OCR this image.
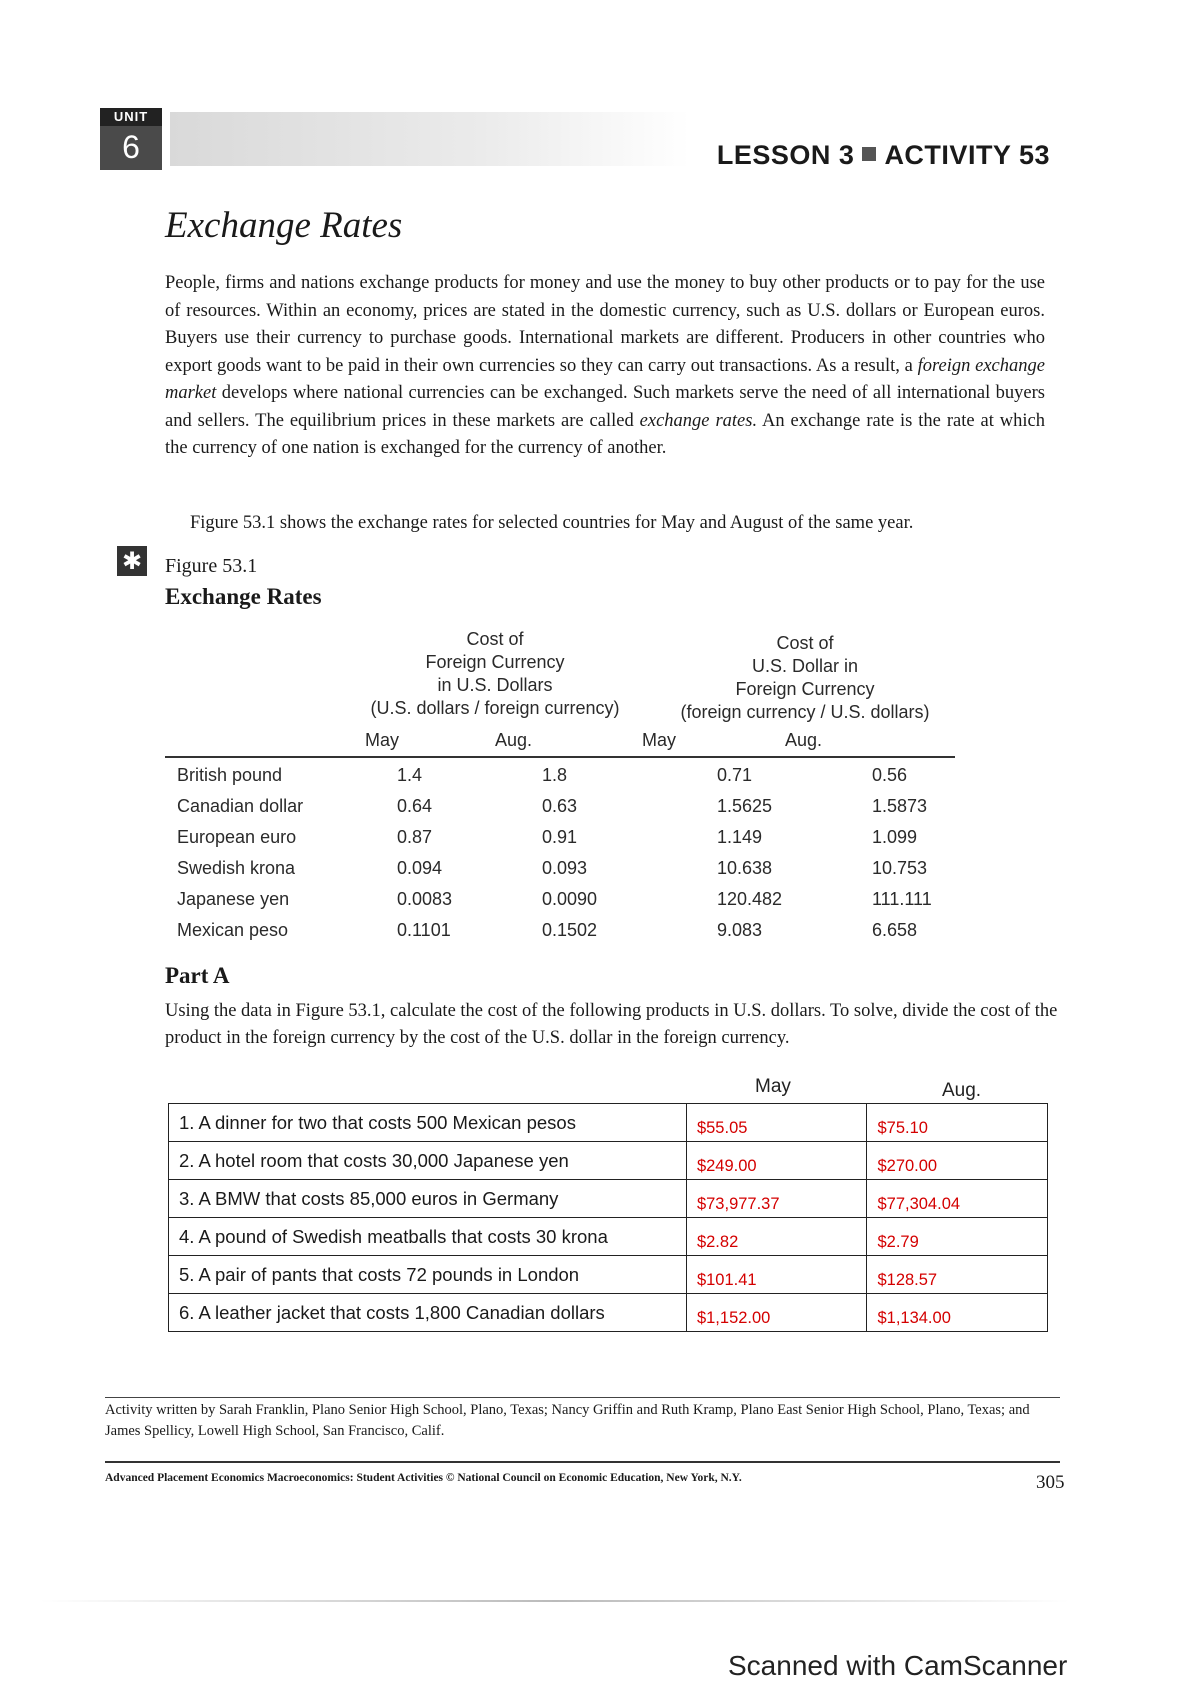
UNIT
6	LESSON 3 ACTIVITY 53
Exchange Rates

People, firms and nations exchange products for money and use the money to buy other products or to pay for the use of resources. Within an economy, prices are stated in the domestic currency, such as U.S. dollars or European euros. Buyers use their currency to purchase goods. International markets are different. Producers in other countries who export goods want to be paid in their own currencies so they can carry out transactions. As a result, a foreign exchange market develops where national currencies can be exchanged. Such markets serve the need of all international buyers and sellers. The equilibrium prices in these markets are called exchange rates. An exchange rate is the rate at which the currency of one nation is exchanged for the currency of another.

Figure 53.1 shows the exchange rates for selected countries for May and August of the same year.

✱ Figure 53.1
Exchange Rates
Cost of
Foreign Currency
in U.S. Dollars
(U.S. dollars / foreign currency)
Cost of
U.S. Dollar in
Foreign Currency
(foreign currency / U.S. dollars)
May	Aug.	May	Aug.
British pound	1.4	1.8	0.71	0.56
Canadian dollar	0.64	0.63	1.5625	1.5873
European euro	0.87	0.91	1.149	1.099
Swedish krona	0.094	0.093	10.638	10.753
Japanese yen	0.0083	0.0090	120.482	111.111
Mexican peso	0.1101	0.1502	9.083	6.658
Part A

Using the data in Figure 53.1, calculate the cost of the following products in U.S. dollars. To solve, divide the cost of the product in the foreign currency by the cost of the U.S. dollar in the foreign currency.

May	Aug.
1. A dinner for two that costs 500 Mexican pesos	$55.05	$75.10
2. A hotel room that costs 30,000 Japanese yen	$249.00	$270.00
3. A BMW that costs 85,000 euros in Germany	$73,977.37	$77,304.04
4. A pound of Swedish meatballs that costs 30 krona	$2.82	$2.79
5. A pair of pants that costs 72 pounds in London	$101.41	$128.57
6. A leather jacket that costs 1,800 Canadian dollars	$1,152.00	$1,134.00

Activity written by Sarah Franklin, Plano Senior High School, Plano, Texas; Nancy Griffin and Ruth Kramp, Plano East Senior High School, Plano, Texas; and James Spellicy, Lowell High School, San Francisco, Calif.

Advanced Placement Economics Macroeconomics: Student Activities © National Council on Economic Education, New York, N.Y.	305
Scanned with CamScanner
